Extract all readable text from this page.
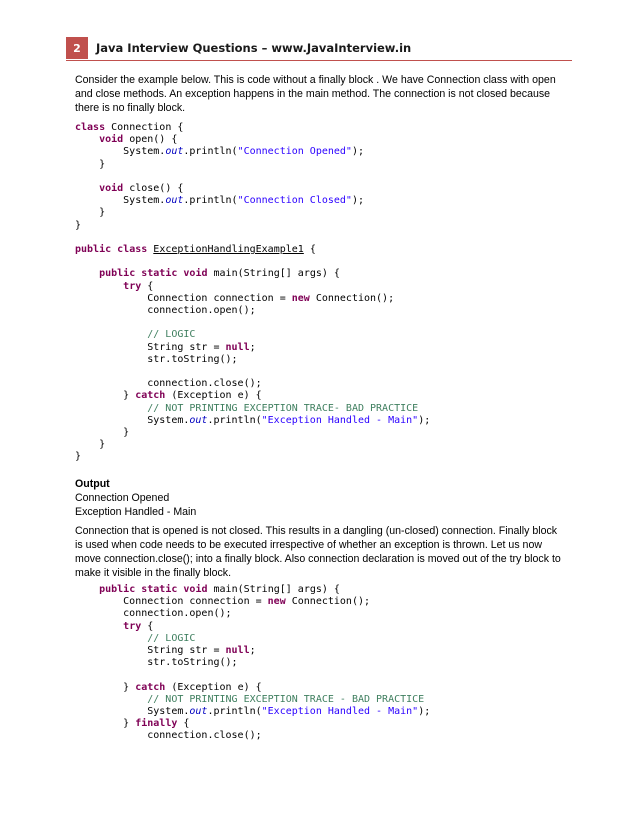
2	Java Interview Questions – www.JavaInterview.in
Consider the example below. This is code without a finally block . We have Connection class with open and close methods. An exception happens in the main method. The connection is not closed because there is no finally block.
class Connection {
void open() {
System.out.println("Connection Opened");
}

void close() {
System.out.println("Connection Closed");
}
}

public class ExceptionHandlingExample1 {

public static void main(String[] args) {
try {
Connection connection = new Connection();
connection.open();

// LOGIC
String str = null;
str.toString();

connection.close();
} catch (Exception e) {
// NOT PRINTING EXCEPTION TRACE- BAD PRACTICE
System.out.println("Exception Handled - Main");
}
}
}
Output
Connection Opened
Exception Handled - Main
Connection that is opened is not closed. This results in a dangling (un-closed) connection. Finally block is used when code needs to be executed irrespective of whether an exception is thrown. Let us now move connection.close(); into a finally block. Also connection declaration is moved out of the try block to make it visible in the finally block.
public static void main(String[] args) {
Connection connection = new Connection();
connection.open();
try {
// LOGIC
String str = null;
str.toString();

} catch (Exception e) {
// NOT PRINTING EXCEPTION TRACE - BAD PRACTICE
System.out.println("Exception Handled - Main");
} finally {
connection.close();
